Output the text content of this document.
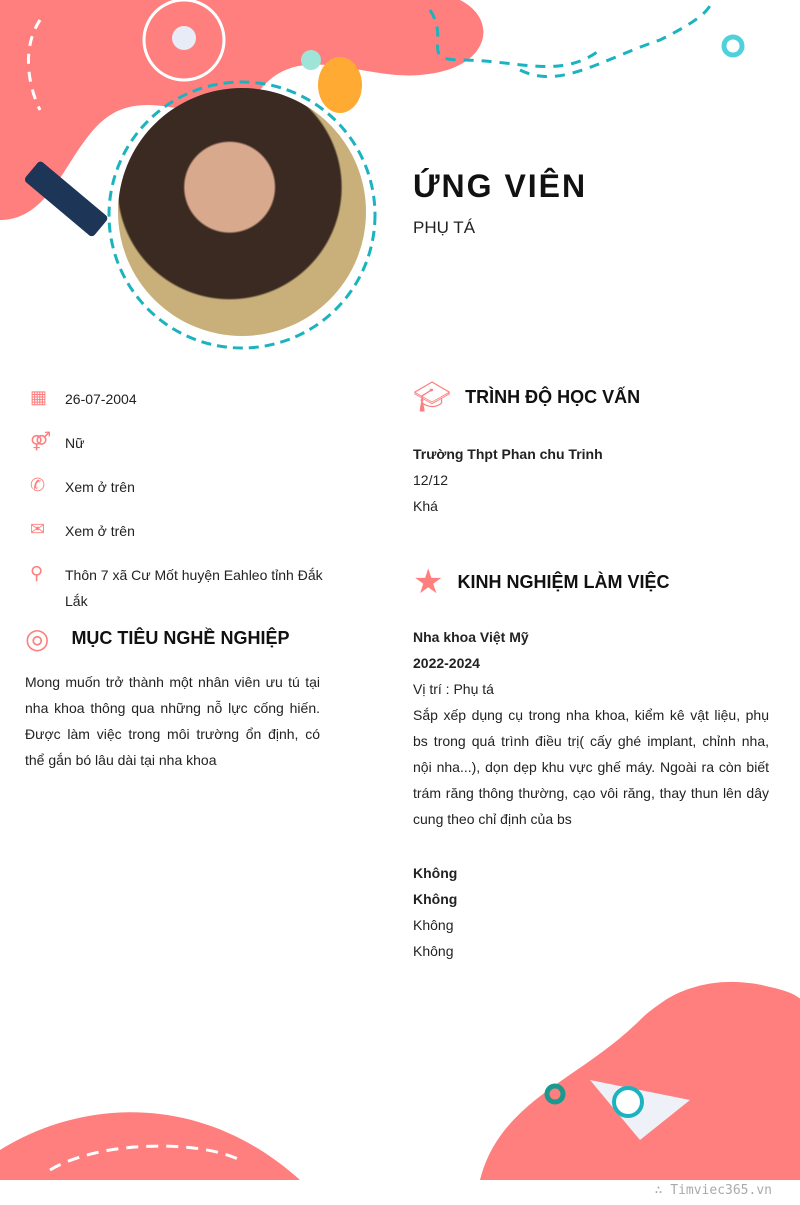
ỨNG VIÊN
PHỤ TÁ
▦	26-07-2004
⚤ Nữ
✆	Xem ở trên
✉	Xem ở trên
⚲	Thôn 7 xã Cư Mốt huyện Eahleo tỉnh Đắk Lắk
◎ MỤC TIÊU NGHỀ NGHIỆP

Mong muốn trở thành một nhân viên ưu tú tại nha khoa thông qua những nỗ lực cống hiến. Được làm việc trong môi trường ổn định, có thể gắn bó lâu dài tại nha khoa

🎓︎ TRÌNH ĐỘ HỌC VẤN
Trường Thpt Phan chu Trinh
12/12
Khá
★ KINH NGHIỆM LÀM VIỆC
Nha khoa Việt Mỹ
2022-2024
Vị trí : Phụ tá
Sắp xếp dụng cụ trong nha khoa, kiểm kê vật liệu, phụ bs trong quá trình điều trị( cấy ghé implant, chỉnh nha, nội nha...), dọn dẹp khu vực ghế máy. Ngoài ra còn biết trám răng thông thường, cạo vôi răng, thay thun lên dây cung theo chỉ định của bs
Không
Không
Không
Không
∴ Timviec365.vn
